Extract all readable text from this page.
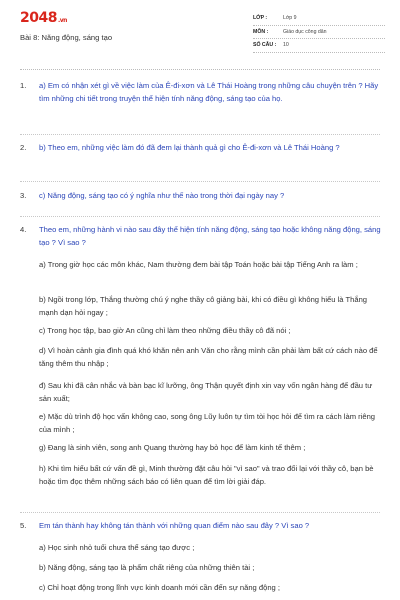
2048.vn
Bài 8: Năng động, sáng tạo
LỚP :	Lớp 9
MÔN :	Giáo dục công dân
SỐ CÂU :	10
1. a) Em có nhận xét gì về việc làm của Ê-đi-xơn và Lê Thái Hoàng trong những câu chuyện trên ? Hãy tìm những chi tiết trong truyện thể hiện tính năng động, sáng tạo của họ.
2. b) Theo em, những việc làm đó đã đem lại thành quả gì cho Ê-đi-xơn và Lê Thái Hoàng ?
3. c) Năng động, sáng tạo có ý nghĩa như thế nào trong thời đại ngày nay ?
4. Theo em, những hành vi nào sau đây thể hiện tính năng động, sáng tạo hoặc không năng động, sáng tạo ? Vì sao ?
a) Trong giờ học các môn khác, Nam thường đem bài tập Toán hoặc bài tập Tiếng Anh ra làm ;
b) Ngồi trong lớp, Thắng thường chú ý nghe thầy cô giảng bài, khi có điều gì không hiểu là Thắng mạnh dạn hỏi ngay ;
c) Trong học tập, bao giờ An cũng chỉ làm theo những điều thầy cô đã nói ;
d) Vì hoàn cảnh gia đình quá khó khăn nên anh Văn cho rằng mình cần phải làm bất cứ cách nào để tăng thêm thu nhập ;
đ) Sau khi đã cân nhắc và bàn bạc kĩ lưỡng, ông Thận quyết định xin vay vốn ngân hàng để đầu tư sản xuất;
e) Mặc dù trình độ học vấn không cao, song ông Lũy luôn tự tìm tòi học hỏi để tìm ra cách làm riêng của mình ;
g) Đang là sinh viên, song anh Quang thường hay bỏ học để làm kinh tế thêm ;
h) Khi tìm hiểu bất cứ vấn đề gì, Minh thường đặt câu hỏi "vì sao" và trao đổi lại với thầy cô, bạn bè hoặc tìm đọc thêm những sách báo có liên quan để tìm lời giải đáp.
5. Em tán thành hay không tán thành với những quan điểm nào sau đây ? Vì sao ?
a) Học sinh nhỏ tuổi chưa thể sáng tạo được ;
b) Năng động, sáng tạo là phẩm chất riêng của những thiên tài ;
c) Chỉ hoạt động trong lĩnh vực kinh doanh mới cần đến sự năng động ;
